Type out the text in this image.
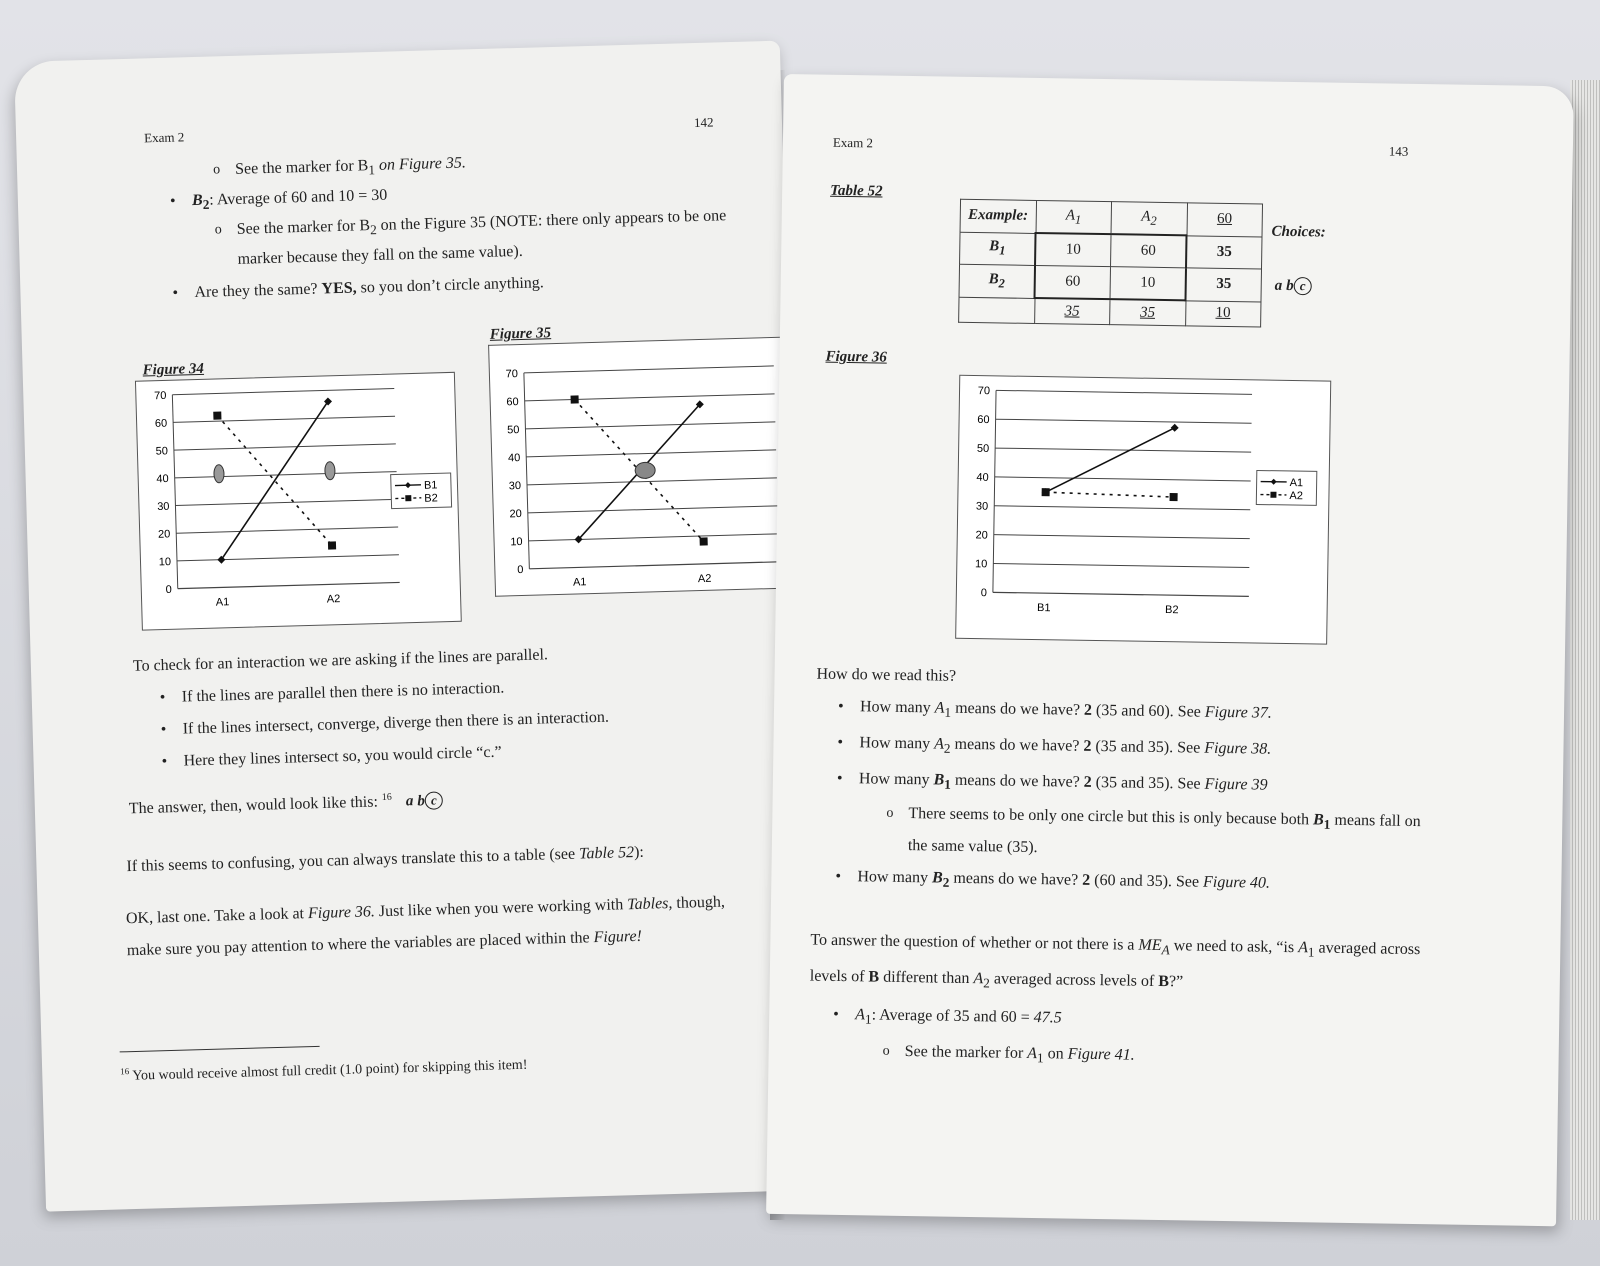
Exam 2
142
o See the marker for $B_1$ on Figure 35.
• $B_2$: Average of 60 and 10 = 30
o See the marker for $B_2$ on the Figure 35 (NOTE: there only appears to be one
marker because they fall on the same value).
• Are they the same? YES, so you don’t circle anything.
Figure 34
Figure 35
0
10
20
30
40
50
60
70
A1	A2
B1
B2
0
10
20
30
40
50
60
70
A1	A2
To check for an interaction we are asking if the lines are parallel.
• If the lines are parallel then there is no interaction.
• If the lines intersect, converge, diverge then there is an interaction.
• Here they lines intersect so, you would circle “c.”
The answer, then, would look like this: $^{16}$ a b c
If this seems to confusing, you can always translate this to a table (see Table 52):
OK, last one. Take a look at Figure 36. Just like when you were working with Tables, though,
make sure you pay attention to where the variables are placed within the Figure!
$^{16}$ You would receive almost full credit (1.0 point) for skipping this item!
Exam 2
143
Table 52
Example:	$A_1$	$A_2$	60
$B_1$	10	60	35
$B_2$	60	10	35
	35	35	10
Choices:
a b c
Figure 36
0
10
20
30
40
50
60
70
B1	B2
A1
A2
How do we read this?
• How many $A_1$ means do we have? 2 (35 and 60). See Figure 37.
• How many $A_2$ means do we have? 2 (35 and 35). See Figure 38.
• How many $B_1$ means do we have? 2 (35 and 35). See Figure 39
o There seems to be only one circle but this is only because both $B_1$ means fall on
the same value (35).
• How many $B_2$ means do we have? 2 (60 and 35). See Figure 40.
To answer the question of whether or not there is a $ME_A$ we need to ask, “is $A_1$ averaged across
levels of B different than $A_2$ averaged across levels of B?”
• $A_1$: Average of 35 and 60 = 47.5
o See the marker for $A_1$ on Figure 41.
